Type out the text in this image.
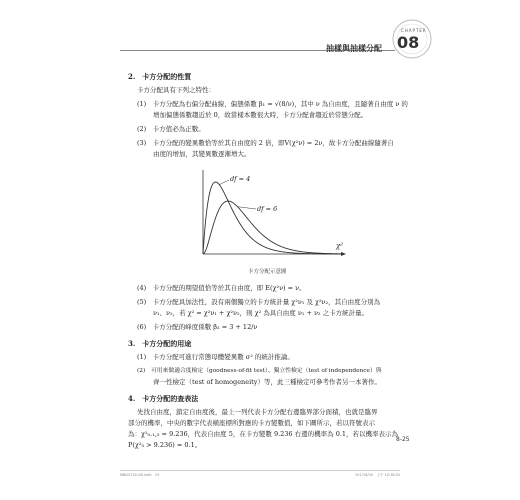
抽樣與抽樣分配
CHAPTER
08
2.　卡方分配的性質
卡方分配具有下列之特性：
(1)　卡方分配為右偏分配曲線，偏態係數 β₁ = √(8/ν)，其中 ν 為自由度，且隨著自由度 ν 的
增加偏態係數趨近於 0，故當樣本數很大時，卡方分配會趨近於常態分配。
(2)　卡方值必為正數。
(3)　卡方分配的變異數恰等於其自由度的 2 倍，即V(χ²ν) = 2ν，故卡方分配曲線隨著自
由度的增加，其變異數逐漸增大。
df = 4
df = 6
χ²
卡方分配示意圖
(4)　卡方分配的期望值恰等於其自由度，即 E(χ²ν) = ν。
(5)　卡方分配具加法性，設有兩個獨立的卡方統計量 χ²ν₁ 及 χ²ν₂，其自由度分別為
ν₁、ν₂，若 χ² = χ²ν₁ + χ²ν₂，則 χ² 為具自由度 ν₁ + ν₂ 之卡方統計量。
(6)　卡方分配的峰度係數 β₂ = 3 + 12/ν
3.　卡方分配的用途
(1)　卡方分配可進行常態母體變異數 σ² 的統計推論。
(2)　可用來做適合度檢定（goodness-of-fit test）、獨立性檢定（test of independence）與
齊一性檢定（test of homogeneity）等，此三種檢定可參考作者另一本著作。
4.　卡方分配的查表法
先找自由度，鎖定自由度後，最上一列代表卡方分配右邊臨界部分面積，也就是臨界
部分的機率，中央的數字代表橫座標所對應的卡方變數值，如下圖所示，若以符號表示
為：χ²₀.₁,₅ = 9.236，代表自由度 5，在卡方變數 9.236 右邊的機率為 0.1，若以機率表示為
P(χ²₅ > 9.236) = 0.1。
8-25
MBD0702-08.indd　25	2017/8/30　上午 10:38:52
